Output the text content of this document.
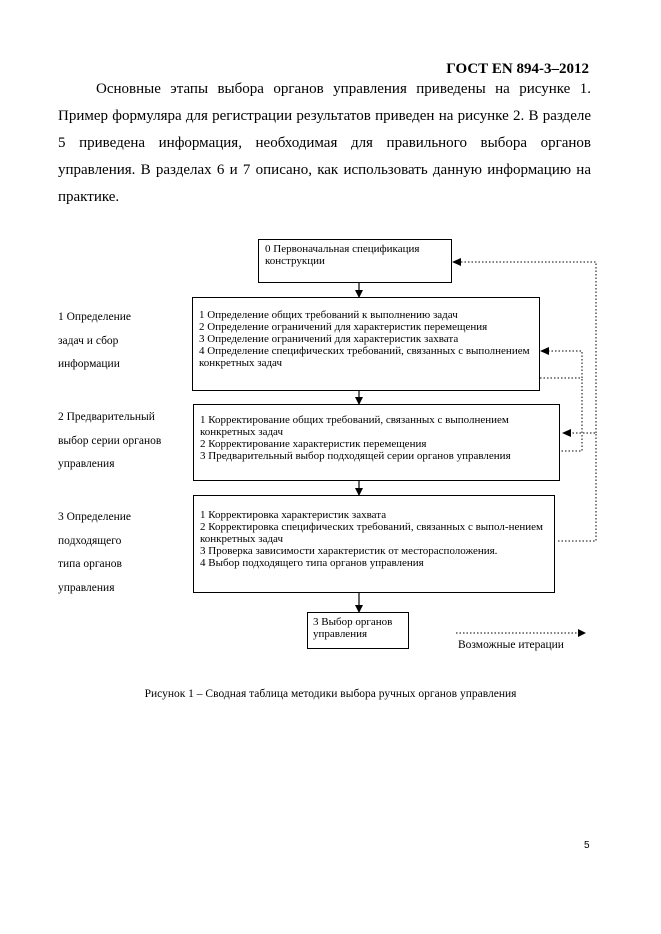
ГОСТ EN 894-3–2012

Основные этапы выбора органов управления приведены на рисунке 1. Пример формуляра для регистрации результатов приведен на рисунке 2. В разделе 5 приведена информация, необходимая для правильного выбора органов управления. В разделах 6 и 7 описано, как использовать данную информацию на практике.

0 Первоначальная спецификация конструкции
1 Определение
задач и сбор
информации
1 Определение общих требований к выполнению задач
2 Определение ограничений для характеристик перемещения
3 Определение ограничений для характеристик захвата
4 Определение специфических требований, связанных с выполнением конкретных задач
2 Предварительный
выбор серии органов
управления
1 Корректирование общих требований, связанных с выполнением конкретных задач
2 Корректирование характеристик перемещения
3 Предварительный выбор подходящей серии органов управления
3 Определение
подходящего
типа органов
управления
1 Корректировка характеристик захвата
2 Корректировка специфических требований, связанных с выпол-нением конкретных задач
3 Проверка зависимости характеристик от месторасположения.
4 Выбор подходящего типа органов управления
3 Выбор органов управления
Возможные итерации
Рисунок 1 – Сводная таблица методики выбора ручных органов управления
5
